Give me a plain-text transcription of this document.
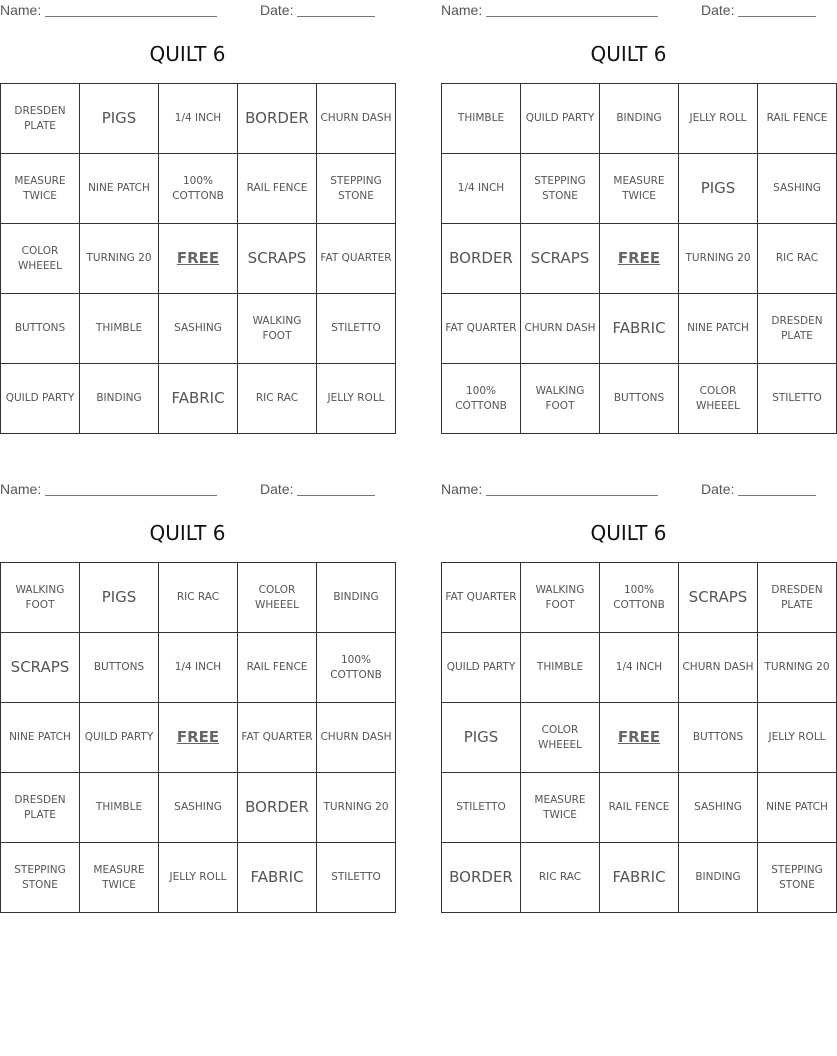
Name:	Date:
QUILT 6
DRESDEN PLATE	PIGS	1/4 INCH	BORDER	CHURN DASH
MEASURE TWICE	NINE PATCH	100% COTTONB	RAIL FENCE	STEPPING STONE
COLOR WHEEEL	TURNING 20	FREE	SCRAPS	FAT QUARTER
BUTTONS	THIMBLE	SASHING	WALKING FOOT	STILETTO
QUILD PARTY	BINDING	FABRIC	RIC RAC	JELLY ROLL
Name:	Date:
QUILT 6
THIMBLE	QUILD PARTY	BINDING	JELLY ROLL	RAIL FENCE
1/4 INCH	STEPPING STONE	MEASURE TWICE	PIGS	SASHING
BORDER	SCRAPS	FREE	TURNING 20	RIC RAC
FAT QUARTER	CHURN DASH	FABRIC	NINE PATCH	DRESDEN PLATE
100% COTTONB	WALKING FOOT	BUTTONS	COLOR WHEEEL	STILETTO
Name:	Date:
QUILT 6
WALKING FOOT	PIGS	RIC RAC	COLOR WHEEEL	BINDING
SCRAPS	BUTTONS	1/4 INCH	RAIL FENCE	100% COTTONB
NINE PATCH	QUILD PARTY	FREE	FAT QUARTER	CHURN DASH
DRESDEN PLATE	THIMBLE	SASHING	BORDER	TURNING 20
STEPPING STONE	MEASURE TWICE	JELLY ROLL	FABRIC	STILETTO
Name:	Date:
QUILT 6
FAT QUARTER	WALKING FOOT	100% COTTONB	SCRAPS	DRESDEN PLATE
QUILD PARTY	THIMBLE	1/4 INCH	CHURN DASH	TURNING 20
PIGS	COLOR WHEEEL	FREE	BUTTONS	JELLY ROLL
STILETTO	MEASURE TWICE	RAIL FENCE	SASHING	NINE PATCH
BORDER	RIC RAC	FABRIC	BINDING	STEPPING STONE
